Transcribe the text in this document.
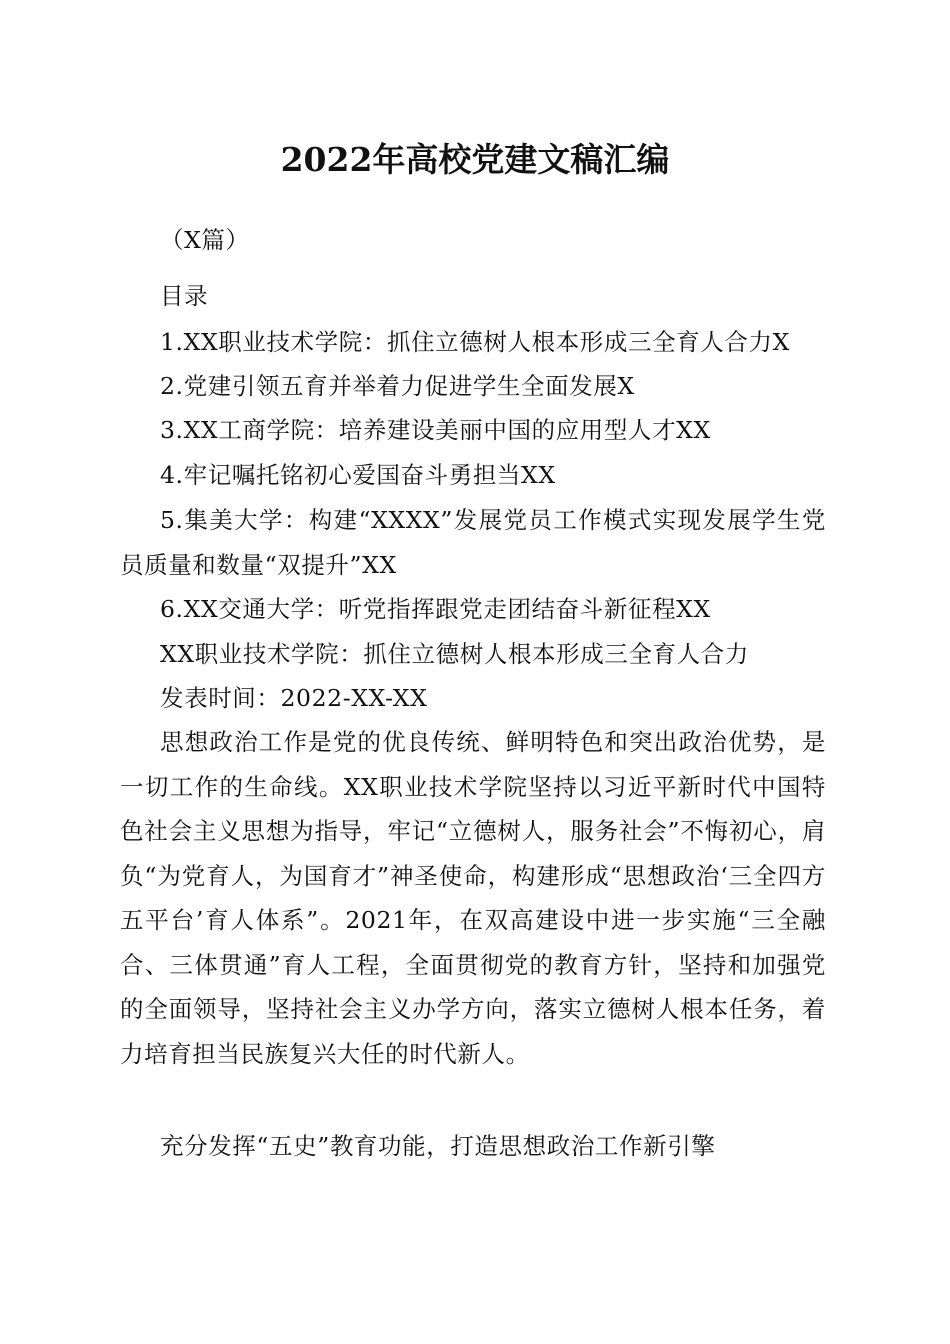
2022年高校党建文稿汇编
（X篇）
目录
1.XX职业技术学院：抓住立德树人根本形成三全育人合力X
2.党建引领五育并举着力促进学生全面发展X
3.XX工商学院：培养建设美丽中国的应用型人才XX
4.牢记嘱托铭初心爱国奋斗勇担当XX
5.集美大学：构建“XXXX”发展党员工作模式实现发展学生党员质量和数量“双提升”XX
6.XX交通大学：听党指挥跟党走团结奋斗新征程XX
XX职业技术学院：抓住立德树人根本形成三全育人合力
发表时间：2022-XX-XX
思想政治工作是党的优良传统、鲜明特色和突出政治优势，是一切工作的生命线。XX职业技术学院坚持以习近平新时代中国特色社会主义思想为指导，牢记“立德树人，服务社会”不悔初心，肩负“为党育人，为国育才”神圣使命，构建形成“思想政治‘三全四方五平台’育人体系”。2021年，在双高建设中进一步实施“三全融合、三体贯通”育人工程，全面贯彻党的教育方针，坚持和加强党的全面领导，坚持社会主义办学方向，落实立德树人根本任务，着力培育担当民族复兴大任的时代新人。
充分发挥“五史”教育功能，打造思想政治工作新引擎
